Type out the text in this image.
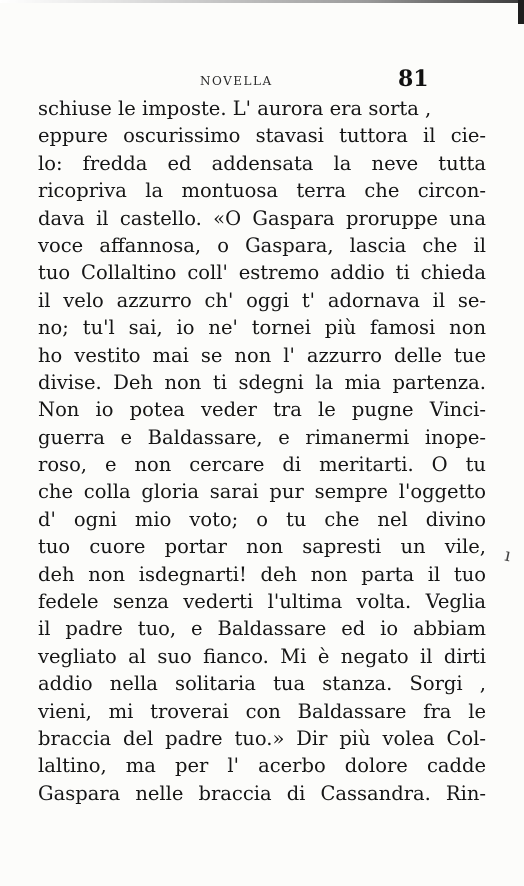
NOVELLA	81
schiuse le imposte. L' aurora era sorta ,
eppure oscurissimo stavasi tuttora il cie-
lo: fredda ed addensata la neve tutta
ricopriva la montuosa terra che circon-
dava il castello. «O Gaspara proruppe una
voce affannosa, o Gaspara, lascia che il
tuo Collaltino coll' estremo addio ti chieda
il velo azzurro ch' oggi t' adornava il se-
no; tu'l sai, io ne' tornei più famosi non
ho vestito mai se non l' azzurro delle tue
divise. Deh non ti sdegni la mia partenza.
Non io potea veder tra le pugne Vinci-
guerra e Baldassare, e rimanermi inope-
roso, e non cercare di meritarti. O tu
che colla gloria sarai pur sempre l'oggetto
d' ogni mio voto; o tu che nel divino
tuo cuore portar non sapresti un vile,
deh non isdegnarti! deh non parta il tuo
fedele senza vederti l'ultima volta. Veglia
il padre tuo, e Baldassare ed io abbiam
vegliato al suo fianco. Mi è negato il dirti
addio nella solitaria tua stanza. Sorgi ,
vieni, mi troverai con Baldassare fra le
braccia del padre tuo.» Dir più volea Col-
laltino, ma per l' acerbo dolore cadde
Gaspara nelle braccia di Cassandra. Rin-
ı
